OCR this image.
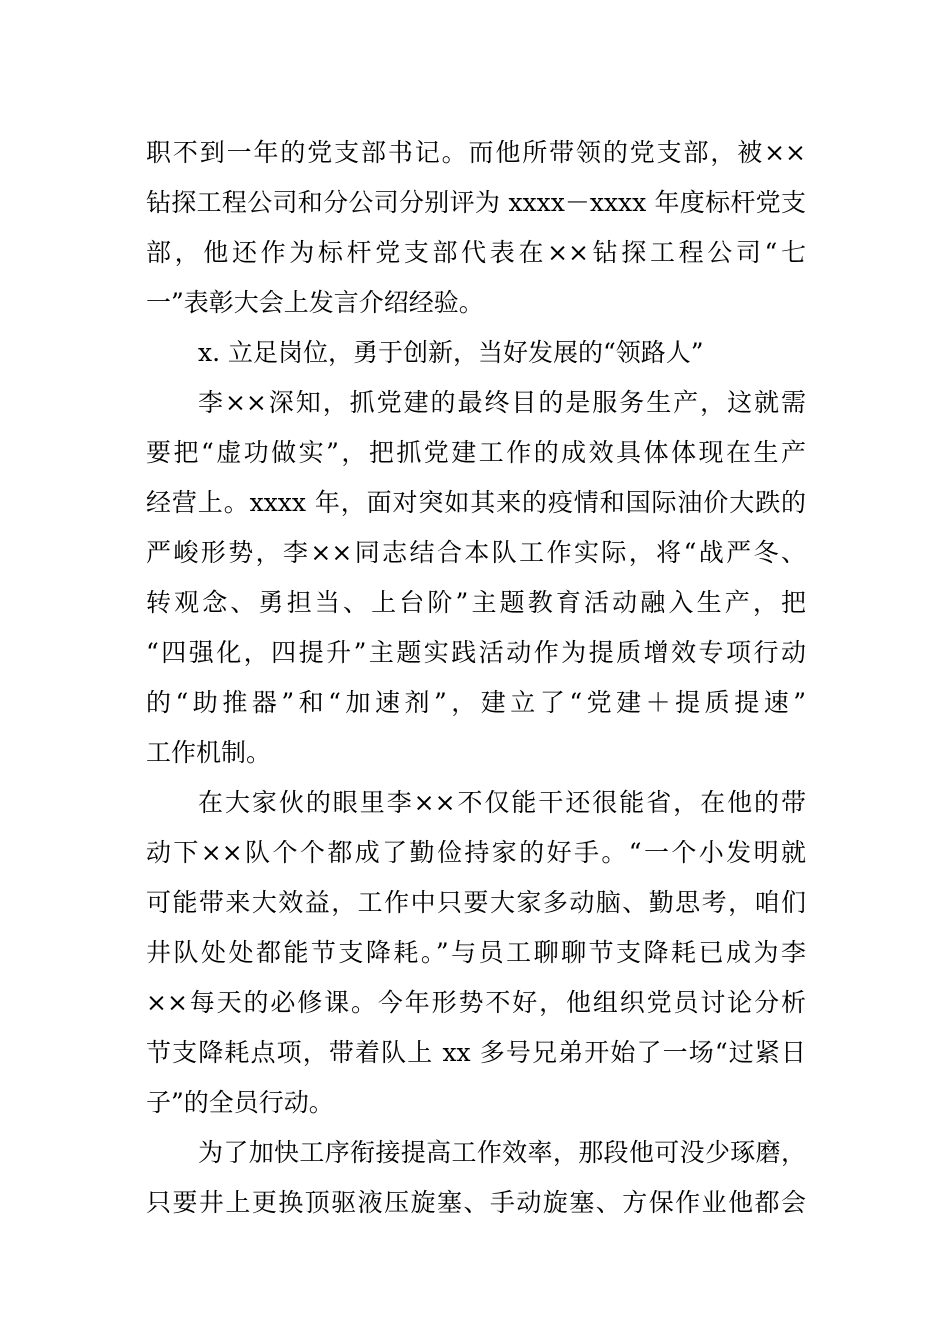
职不到一年的党支部书记。而他所带领的党支部，被××
钻探工程公司和分公司分别评为 xxxx－xxxx 年度标杆党支
部，他还作为标杆党支部代表在××钻探工程公司“七
一”表彰大会上发言介绍经验。
x. 立足岗位，勇于创新，当好发展的“领路人”
李××深知，抓党建的最终目的是服务生产，这就需
要把“虚功做实”，把抓党建工作的成效具体体现在生产
经营上。xxxx 年，面对突如其来的疫情和国际油价大跌的
严峻形势，李××同志结合本队工作实际，将“战严冬、
转观念、勇担当、上台阶”主题教育活动融入生产，把
“四强化，四提升”主题实践活动作为提质增效专项行动
的“助推器”和“加速剂”，建立了“党建＋提质提速”
工作机制。
在大家伙的眼里李××不仅能干还很能省，在他的带
动下××队个个都成了勤俭持家的好手。“一个小发明就
可能带来大效益，工作中只要大家多动脑、勤思考，咱们
井队处处都能节支降耗。”与员工聊聊节支降耗已成为李
××每天的必修课。今年形势不好，他组织党员讨论分析
节支降耗点项，带着队上 xx 多号兄弟开始了一场“过紧日
子”的全员行动。
为了加快工序衔接提高工作效率，那段他可没少琢磨，
只要井上更换顶驱液压旋塞、手动旋塞、方保作业他都会
